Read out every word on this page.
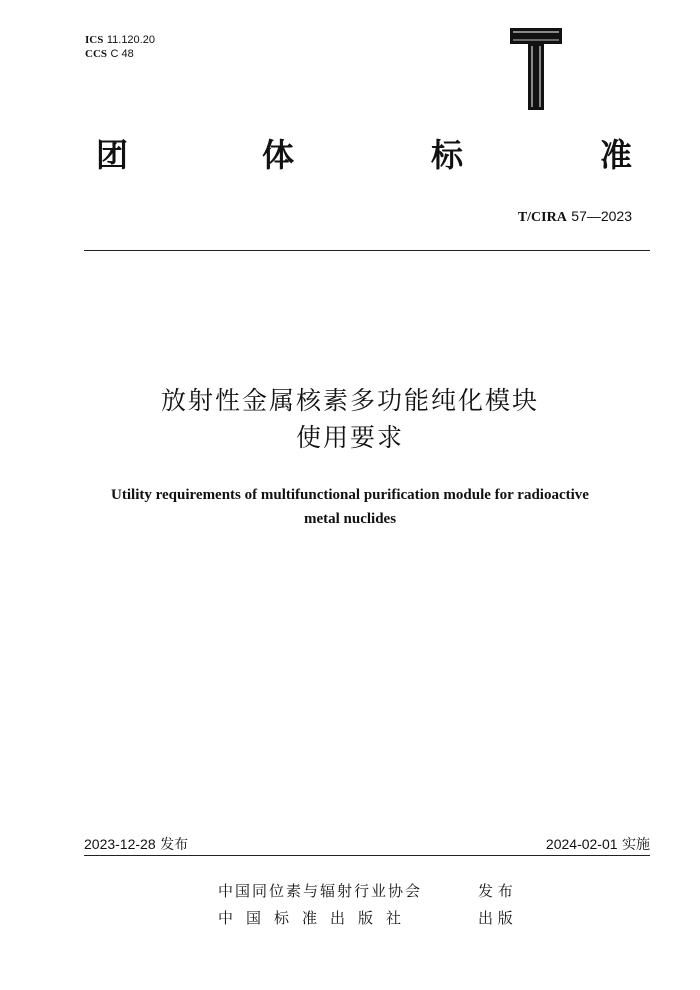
ICS 11.120.20
CCS C 48
团	体	标	准
T/CIRA 57—2023
放射性金属核素多功能纯化模块
使用要求
Utility requirements of multifunctional purification module for radioactive
metal nuclides
2023-12-28 发布	2024-02-01 实施
中国同位素与辐射行业协会	发 布
中国标准出版社	出 版
